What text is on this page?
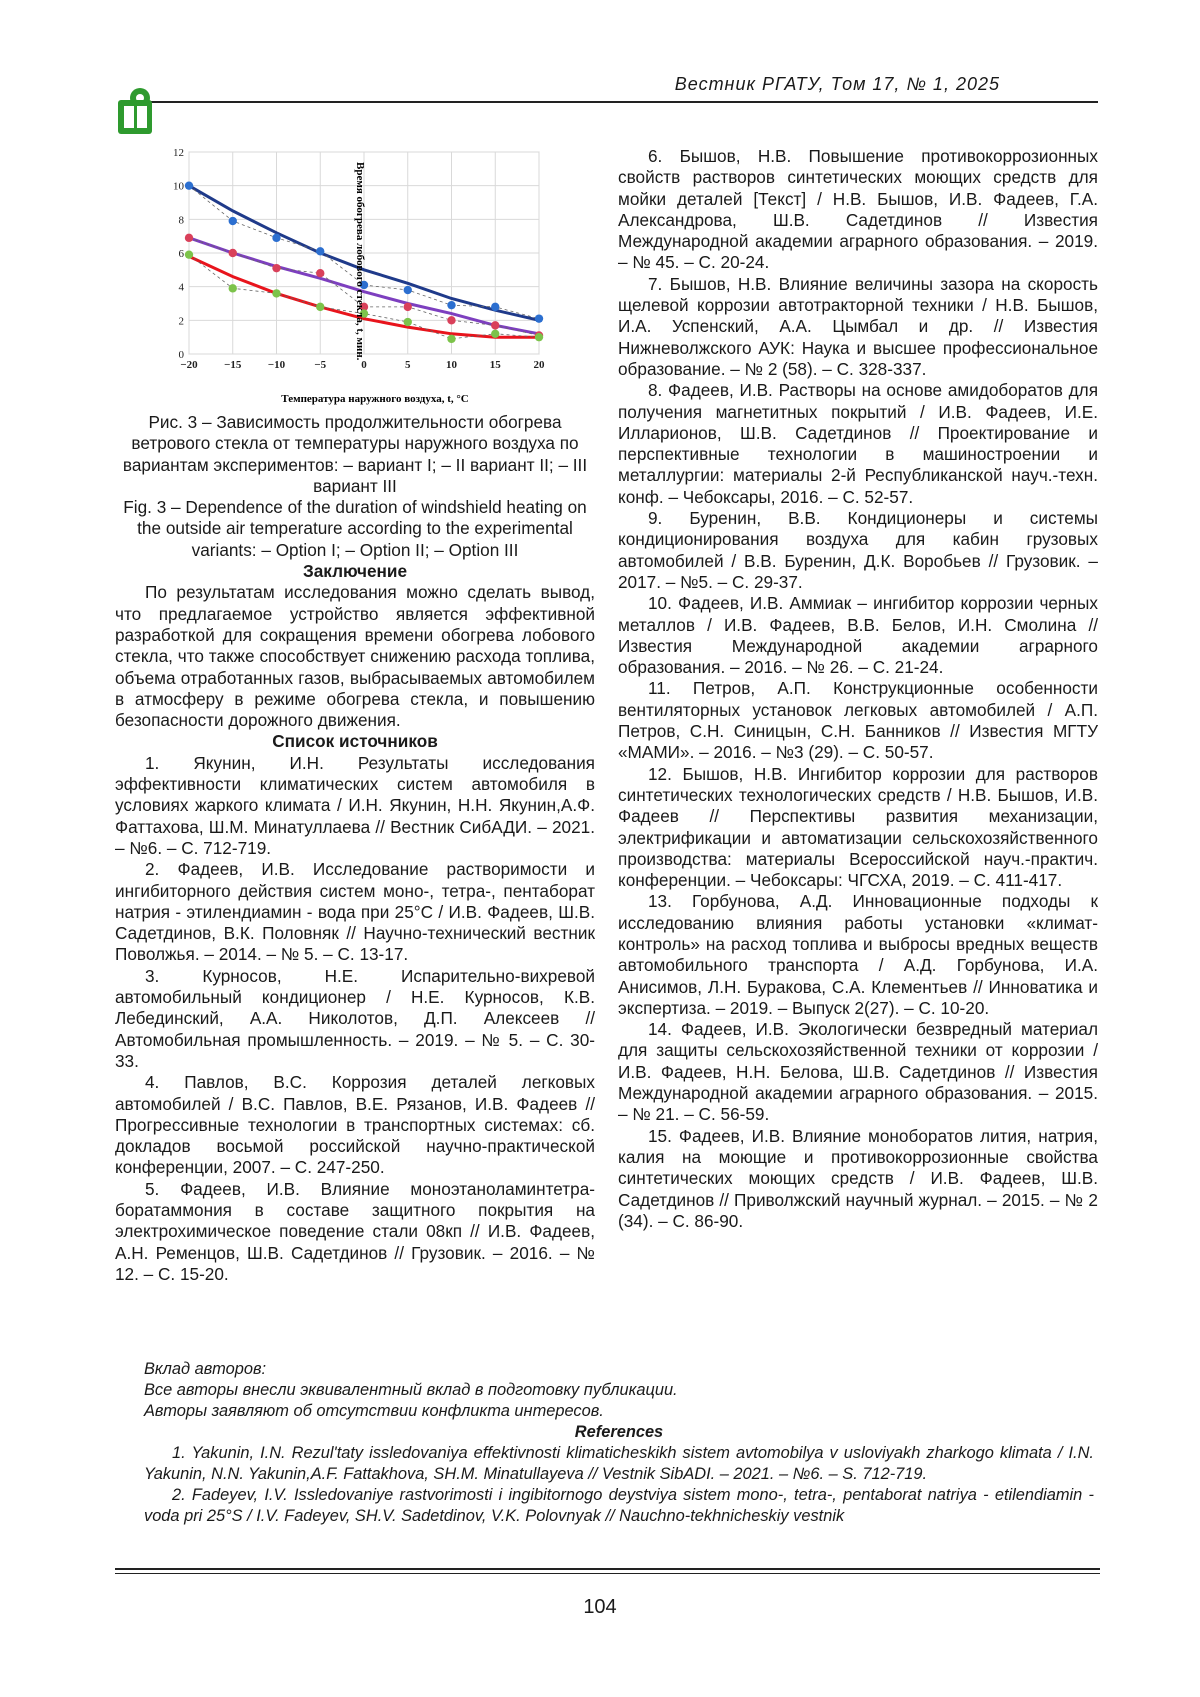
Вестник РГАТУ, Том 17, № 1, 2025
0
2
4
6
8
10
12
−20 −15 −10	−5	0	5	10	15	20
Температура наружного воздуха, t, °С
Время обогрева лобового стекла, t, мин.

Рис. 3 – Зависимость продолжительности обогрева ветрового стекла от температуры наружного воздуха по вариантам экспериментов: – вариант I; – II вариант II; – III вариант III

Fig. 3 – Dependence of the duration of windshield heating on the outside air temperature according to the experimental variants: – Option I; – Option II; – Option III

Заключение

По результатам исследования можно сделать вывод, что предлагаемое устройство является эффективной разработкой для сокращения времени обогрева лобового стекла, что также способствует снижению расхода топлива, объема отработанных газов, выбрасываемых автомобилем в атмосферу в режиме обогрева стекла, и повышению безопасности дорожного движения.

Список источников

1. Якунин, И.Н. Результаты исследования эффективности климатических систем автомобиля в условиях жаркого климата / И.Н. Якунин, Н.Н. Якунин,А.Ф. Фаттахова, Ш.М. Минатуллаева // Вестник СибАДИ. – 2021. – №6. – С. 712-719.

2. Фадеев, И.В. Исследование растворимости и ингибиторного действия систем моно-, тетра-, пентаборат натрия - этилендиамин - вода при 25°С / И.В. Фадеев, Ш.В. Садетдинов, В.К. Половняк // Научно-технический вестник Поволжья. – 2014. – № 5. – С. 13-17.

3. Курносов, Н.Е. Испарительно-вихревой автомобильный кондиционер / Н.Е. Курносов, К.В. Лебединский, А.А. Николотов, Д.П. Алексеев // Автомобильная промышленность. – 2019. – № 5. – С. 30-33.

4. Павлов, В.С. Коррозия деталей легковых автомобилей / В.С. Павлов, В.Е. Рязанов, И.В. Фадеев // Прогрессивные технологии в транспортных системах: сб. докладов восьмой российской научно-практической конференции, 2007. – С. 247-250.

5. Фадеев, И.В. Влияние моноэтаноламинтетра-боратаммония в составе защитного покрытия на электрохимическое поведение стали 08кп // И.В. Фадеев, А.Н. Ременцов, Ш.В. Садетдинов // Грузовик. – 2016. – № 12. – С. 15-20.

6. Бышов, Н.В. Повышение противокоррозионных свойств растворов синтетических моющих средств для мойки деталей [Текст] / Н.В. Бышов, И.В. Фадеев, Г.А. Александрова, Ш.В. Садетдинов // Известия Международной академии аграрного образования. – 2019. – № 45. – С. 20-24.

7. Бышов, Н.В. Влияние величины зазора на скорость щелевой коррозии автотракторной техники / Н.В. Бышов, И.А. Успенский, А.А. Цымбал и др. // Известия Нижневолжского АУК: Наука и высшее профессиональное образование. – № 2 (58). – С. 328-337.

8. Фадеев, И.В. Растворы на основе амидоборатов для получения магнетитных покрытий / И.В. Фадеев, И.Е. Илларионов, Ш.В. Садетдинов // Проектирование и перспективные технологии в машиностроении и металлургии: материалы 2-й Республиканской науч.-техн. конф. – Чебоксары, 2016. – С. 52-57.

9. Буренин, В.В. Кондиционеры и системы кондиционирования воздуха для кабин грузовых автомобилей / В.В. Буренин, Д.К. Воробьев // Грузовик. – 2017. – №5. – С. 29-37.

10. Фадеев, И.В. Аммиак – ингибитор коррозии черных металлов / И.В. Фадеев, В.В. Белов, И.Н. Смолина // Известия Международной академии аграрного образования. – 2016. – № 26. – С. 21-24.

11. Петров, А.П. Конструкционные особенности вентиляторных установок легковых автомобилей / А.П. Петров, С.Н. Синицын, С.Н. Банников // Известия МГТУ «МАМИ». – 2016. – №3 (29). – С. 50-57.

12. Бышов, Н.В. Ингибитор коррозии для растворов синтетических технологических средств / Н.В. Бышов, И.В. Фадеев // Перспективы развития механизации, электрификации и автоматизации сельскохозяйственного производства: материалы Всероссийской науч.-практич. конференции. – Чебоксары: ЧГСХА, 2019. – С. 411-417.

13. Горбунова, А.Д. Инновационные подходы к исследованию влияния работы установки «климат-контроль» на расход топлива и выбросы вредных веществ автомобильного транспорта / А.Д. Горбунова, И.А. Анисимов, Л.Н. Буракова, С.А. Клементьев // Инноватика и экспертиза. – 2019. – Выпуск 2(27). – С. 10-20.

14. Фадеев, И.В. Экологически безвредный материал для защиты сельскохозяйственной техники от коррозии / И.В. Фадеев, Н.Н. Белова, Ш.В. Садетдинов // Известия Международной академии аграрного образования. – 2015. – № 21. – С. 56-59.

15. Фадеев, И.В. Влияние моноборатов лития, натрия, калия на моющие и противокоррозионные свойства синтетических моющих средств / И.В. Фадеев, Ш.В. Садетдинов // Приволжский научный журнал. – 2015. – № 2 (34). – С. 86-90.

Вклад авторов:

Все авторы внесли эквивалентный вклад в подготовку публикации.

Авторы заявляют об отсутствии конфликта интересов.

References

1. Yakunin, I.N. Rezul'taty issledovaniya effektivnosti klimaticheskikh sistem avtomobilya v usloviyakh zharkogo klimata / I.N. Yakunin, N.N. Yakunin,A.F. Fattakhova, SH.M. Minatullayeva // Vestnik SibADI. – 2021. – №6. – S. 712-719.

2. Fadeyev, I.V. Issledovaniye rastvorimosti i ingibitornogo deystviya sistem mono-, tetra-, pentaborat natriya - etilendiamin - voda pri 25°S / I.V. Fadeyev, SH.V. Sadetdinov, V.K. Polovnyak // Nauchno-tekhnicheskiy vestnik

104
